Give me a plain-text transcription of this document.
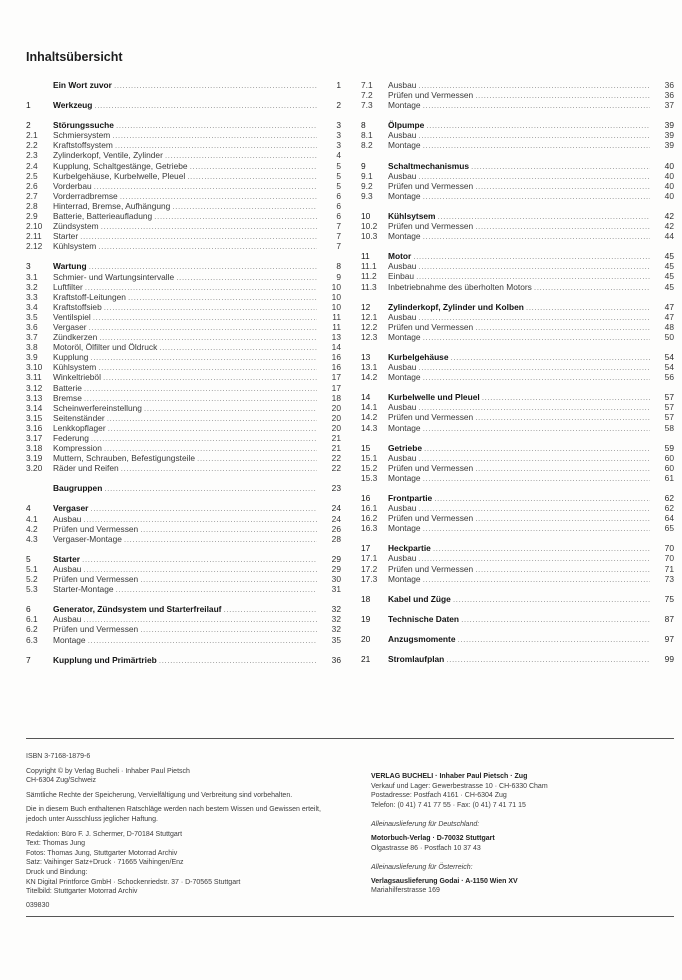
Inhaltsübersicht
Ein Wort zuvor .....	1
1	Werkzeug .....	2
2	Störungssuche .....	3
2.1	Schmiersystem .....	3
2.2	Kraftstoffsystem .....	3
2.3	Zylinderkopf, Ventile, Zylinder .....	4
2.4	Kupplung, Schaltgestänge, Getriebe .....	5
2.5	Kurbelgehäuse, Kurbelwelle, Pleuel .....	5
2.6	Vorderbau .....	5
2.7	Vorderradbremse .....	6
2.8	Hinterrad, Bremse, Aufhängung .....	6
2.9	Batterie, Batterieaufladung .....	6
2.10	Zündsystem .....	7
2.11	Starter .....	7
2.12	Kühlsystem .....	7
3	Wartung .....	8
3.1	Schmier- und Wartungsintervalle .....	9
3.2	Luftfilter .....	10
3.3	Kraftstoff-Leitungen .....	10
3.4	Kraftstoffsieb .....	10
3.5	Ventilspiel .....	11
3.6	Vergaser .....	11
3.7	Zündkerzen .....	13
3.8	Motoröl, Ölfilter und Öldruck .....	14
3.9	Kupplung .....	16
3.10	Kühlsystem .....	16
3.11	Winkeltrieböl .....	17
3.12	Batterie .....	17
3.13	Bremse .....	18
3.14	Scheinwerfereinstellung .....	20
3.15	Seitenständer .....	20
3.16	Lenkkopflager .....	20
3.17	Federung .....	21
3.18	Kompression .....	21
3.19	Muttern, Schrauben, Befestigungsteile .....	22
3.20	Räder und Reifen .....	22
Baugruppen .....	23
4	Vergaser .....	24
4.1	Ausbau .....	24
4.2	Prüfen und Vermessen .....	26
4.3	Vergaser-Montage .....	28
5	Starter .....	29
5.1	Ausbau .....	29
5.2	Prüfen und Vermessen .....	30
5.3	Starter-Montage .....	31
6	Generator, Zündsystem und Starterfreilauf .....	32
6.1	Ausbau .....	32
6.2	Prüfen und Vermessen .....	32
6.3	Montage .....	35
7	Kupplung und Primärtrieb .....	36
7.1	Ausbau .....	36
7.2	Prüfen und Vermessen .....	36
7.3	Montage .....	37
8	Ölpumpe .....	39
8.1	Ausbau .....	39
8.2	Montage .....	39
9	Schaltmechanismus .....	40
9.1	Ausbau .....	40
9.2	Prüfen und Vermessen .....	40
9.3	Montage .....	40
10	Kühlsytsem .....	42
10.2	Prüfen und Vermessen .....	42
10.3	Montage .....	44
11	Motor .....	45
11.1	Ausbau .....	45
11.2	Einbau .....	45
11.3	Inbetriebnahme des überholten Motors .....	45
12	Zylinderkopf, Zylinder und Kolben .....	47
12.1	Ausbau .....	47
12.2	Prüfen und Vermessen .....	48
12.3	Montage .....	50
13	Kurbelgehäuse .....	54
13.1	Ausbau .....	54
14.2	Montage .....	56
14	Kurbelwelle und Pleuel .....	57
14.1	Ausbau .....	57
14.2	Prüfen und Vermessen .....	57
14.3	Montage .....	58
15	Getriebe .....	59
15.1	Ausbau .....	60
15.2	Prüfen und Vermessen .....	60
15.3	Montage .....	61
16	Frontpartie .....	62
16.1	Ausbau .....	62
16.2	Prüfen und Vermessen .....	64
16.3	Montage .....	65
17	Heckpartie .....	70
17.1	Ausbau .....	70
17.2	Prüfen und Vermessen .....	71
17.3	Montage .....	73
18	Kabel und Züge .....	75
19	Technische Daten .....	87
20	Anzugsmomente .....	97
21	Stromlaufplan .....	99

ISBN 3-7168-1879-6

Copyright © by Verlag Bucheli · Inhaber Paul Pietsch
CH-6304 Zug/Schweiz

Sämtliche Rechte der Speicherung, Vervielfältigung und Verbreitung sind vorbehalten.

Die in diesem Buch enthaltenen Ratschläge werden nach bestem Wissen und Gewissen erteilt,
jedoch unter Ausschluss jeglicher Haftung.

Redaktion: Büro F. J. Schermer, D-70184 Stuttgart
Text: Thomas Jung
Fotos: Thomas Jung, Stuttgarter Motorrad Archiv
Satz: Vaihinger Satz+Druck · 71665 Vaihingen/Enz
Druck und Bindung:
KN Digital Printforce GmbH · Schockenriedstr. 37 · D-70565 Stuttgart
Titelbild: Stuttgarter Motorrad Archiv

039830

VERLAG BUCHELI · Inhaber Paul Pietsch · Zug
Verkauf und Lager: Gewerbestrasse 10 · CH-6330 Cham
Postadresse: Postfach 4161 · CH-6304 Zug
Telefon: (0 41) 7 41 77 55 · Fax: (0 41) 7 41 71 15
Alleinauslieferung für Deutschland:
Motorbuch-Verlag · D-70032 Stuttgart
Olgastrasse 86 · Postfach 10 37 43
Alleinauslieferung für Österreich:
Verlagsauslieferung Godai · A-1150 Wien XV
Mariahilferstrasse 169
